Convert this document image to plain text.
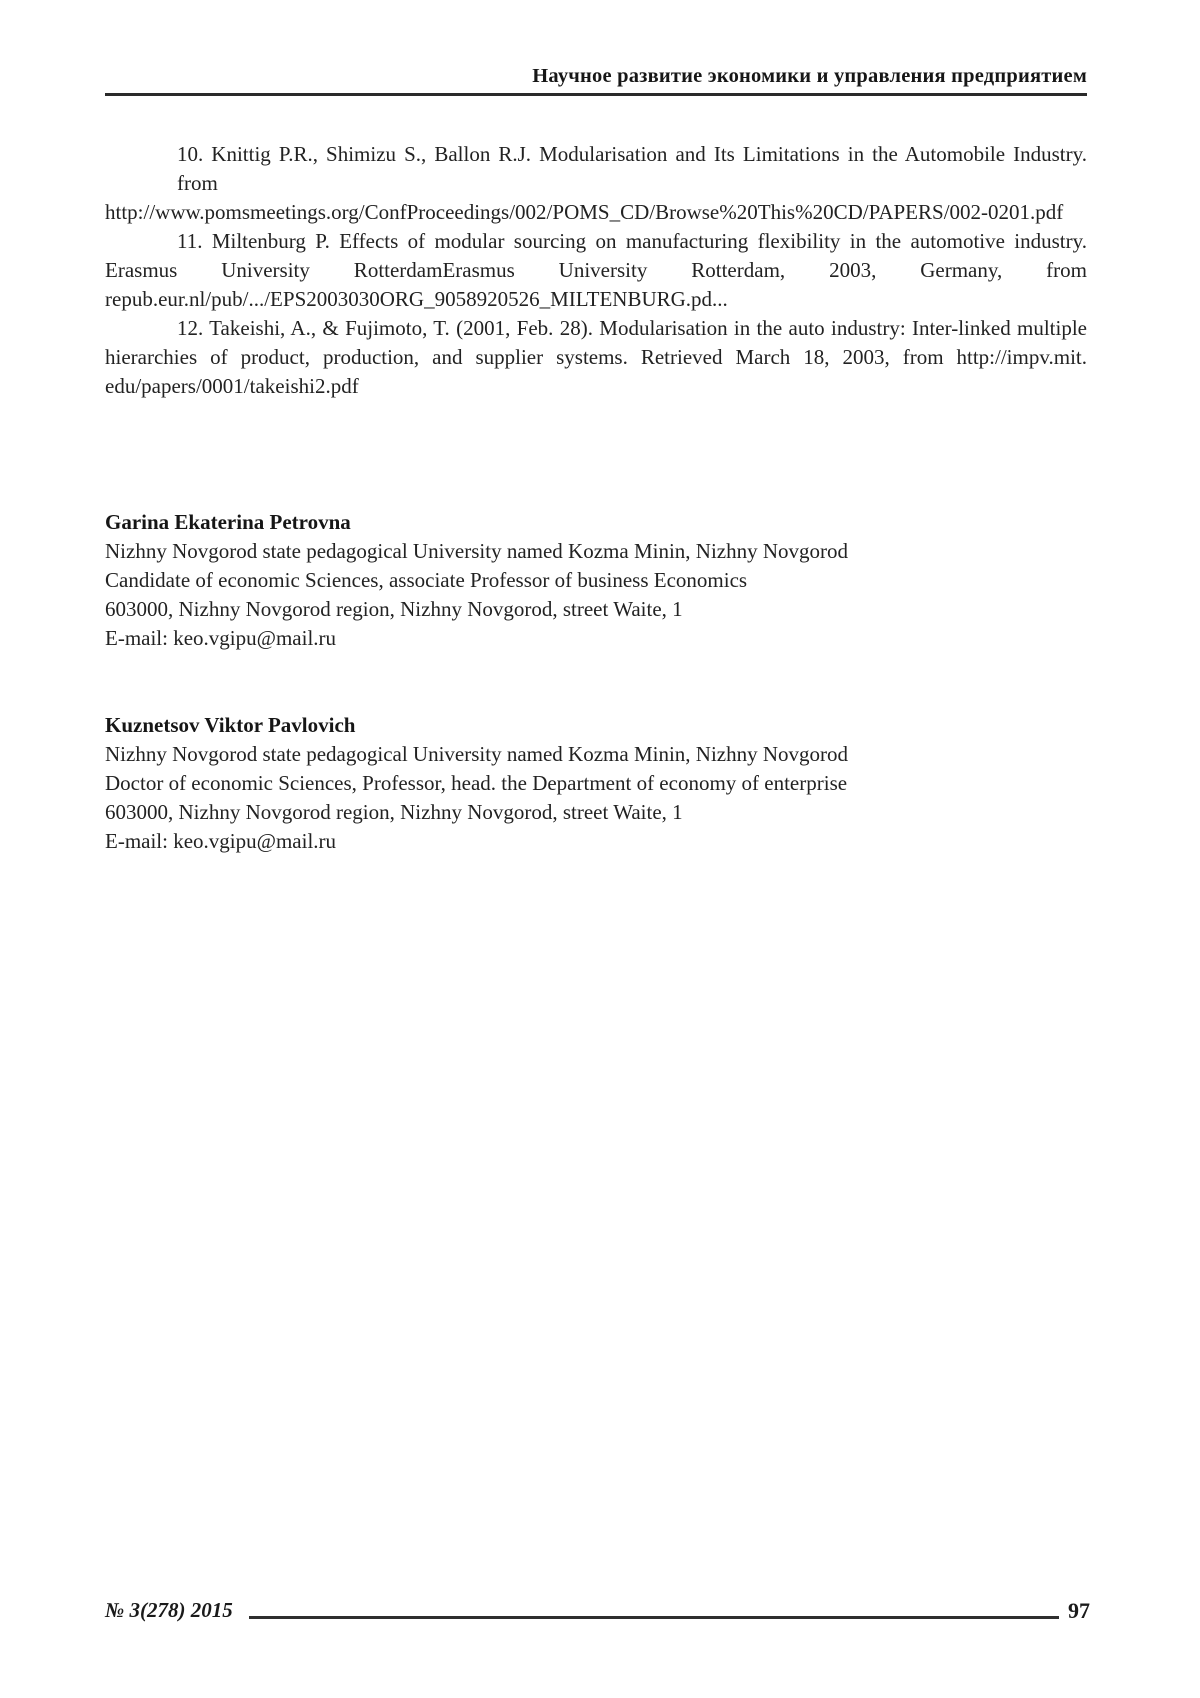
Научное развитие экономики и управления предприятием

10. Knittig P.R., Shimizu S., Ballon R.J. Modularisation and Its Limitations in the Automobile Industry. from
http://www.pomsmeetings.org/ConfProceedings/002/POMS_CD/Browse%20This%20CD/PAPERS/002-0201.pdf

11. Miltenburg P. Effects of modular sourcing on manufacturing flexibility in the automotive industry.
Erasmus University RotterdamErasmus University Rotterdam, 2003, Germany, from
repub.eur.nl/pub/.../EPS2003030ORG_9058920526_MILTENBURG.pd...

12. Takeishi, A., & Fujimoto, T. (2001, Feb. 28). Modularisation in the auto industry: Inter-linked multiple
hierarchies of product, production, and supplier systems. Retrieved March 18, 2003, from http://impv.mit.
edu/papers/0001/takeishi2.pdf

Garina Ekaterina Petrovna
Nizhny Novgorod state pedagogical University named Kozma Minin, Nizhny Novgorod
Candidate of economic Sciences, associate Professor of business Economics
603000, Nizhny Novgorod region, Nizhny Novgorod, street Waite, 1
E-mail: keo.vgipu@mail.ru
Kuznetsov Viktor Pavlovich
Nizhny Novgorod state pedagogical University named Kozma Minin, Nizhny Novgorod
Doctor of economic Sciences, Professor, head. the Department of economy of enterprise
603000, Nizhny Novgorod region, Nizhny Novgorod, street Waite, 1
E-mail: keo.vgipu@mail.ru
№ 3(278) 2015	97
